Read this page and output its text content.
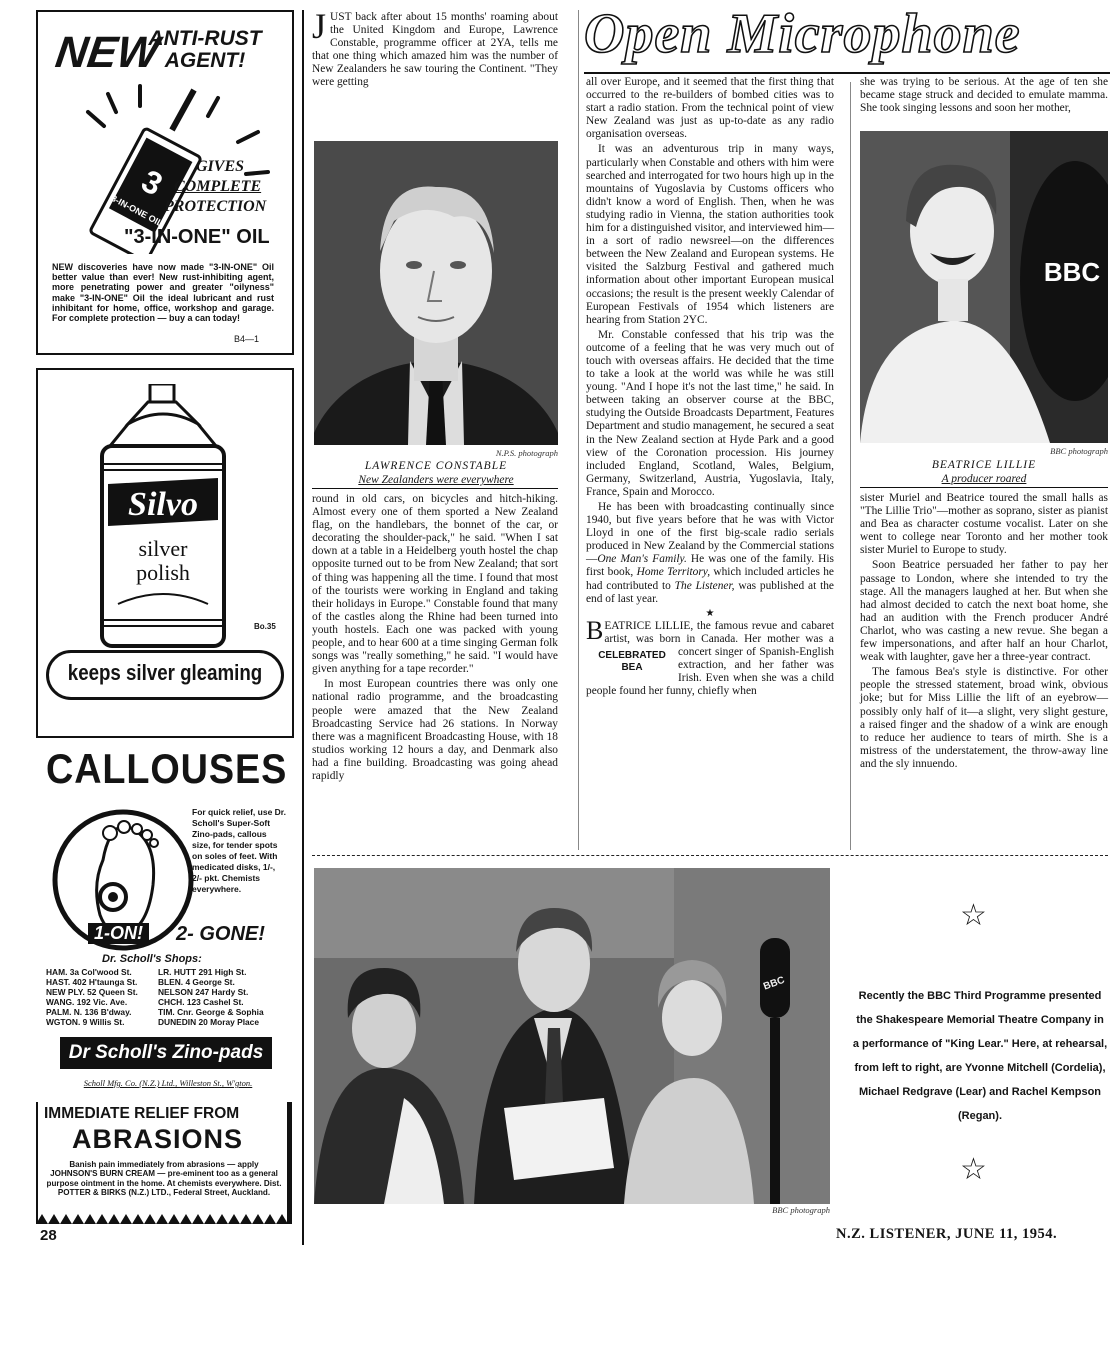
NEW
ANTI-RUST AGENT!
3
3-IN-ONE OIL
GIVES
COMPLETE
PROTECTION
"3-IN-ONE" OIL
NEW discoveries have now made "3-IN-ONE" Oil better value than ever! New rust-inhibiting agent, more penetrating power and greater "oilyness" make "3-IN-ONE" Oil the ideal lubricant and rust inhibitant for home, office, workshop and garage. For complete protection — buy a can today!
B4—1
Silvo
silver
polish
Bo.35
keeps silver gleaming
CALLOUSES
For quick relief, use Dr. Scholl's Super-Soft Zino-pads, callous size, for tender spots on soles of feet. With medicated disks, 1/-, 2/- pkt. Chemists everywhere.
1-ON!	2- GONE!
Dr. Scholl's Shops:
HAM. 3a Col'wood St.	LR. HUTT 291 High St.
HAST. 402 H'taunga St.	BLEN. 4 George St.
NEW PLY. 52 Queen St.	NELSON 247 Hardy St.
WANG. 192 Vic. Ave.	CHCH. 123 Cashel St.
PALM. N. 136 B'dway.	TIM. Cnr. George & Sophia
WGTON. 9 Willis St.	DUNEDIN 20 Moray Place
Dr Scholl's Zino-pads
Scholl Mfg. Co. (N.Z.) Ltd., Willeston St., W'gton.
IMMEDIATE RELIEF FROM
ABRASIONS
Banish pain immediately from abrasions — apply JOHNSON'S BURN CREAM — pre-eminent too as a general purpose ointment in the home. At chemists everywhere. Dist. POTTER & BIRKS (N.Z.) LTD., Federal Street, Auckland.
Open Microphone
J UST back after about 15 months' roaming about the United Kingdom and Europe, Lawrence Constable, programme officer at 2YA, tells me that one thing which amazed him was the number of New Zealanders he saw touring the Continent. "They were getting
N.P.S. photograph
LAWRENCE CONSTABLE
New Zealanders were everywhere

round in old cars, on bicycles and hitch-hiking. Almost every one of them sported a New Zealand flag, on the handlebars, the bonnet of the car, or decorating the shoulder-pack," he said. "When I sat down at a table in a Heidelberg youth hostel the chap opposite turned out to be from New Zealand; that sort of thing was happening all the time. I found that most of the tourists were working in England and taking their holidays in Europe." Constable found that many of the castles along the Rhine had been turned into youth hostels. Each one was packed with young people, and to hear 600 at a time singing German folk songs was "really something," he said. "I would have given anything for a tape recorder."

In most European countries there was only one national radio programme, and the broadcasting people were amazed that the New Zealand Broadcasting Service had 26 stations. In Norway there was a magnificent Broadcasting House, with 18 studios working 12 hours a day, and Denmark also had a fine building. Broadcasting was going ahead rapidly

all over Europe, and it seemed that the first thing that occurred to the re-builders of bombed cities was to start a radio station. From the technical point of view New Zealand was just as up-to-date as any radio organisation overseas.

It was an adventurous trip in many ways, particularly when Constable and others with him were searched and interrogated for two hours high up in the mountains of Yugoslavia by Customs officers who didn't know a word of English. Then, when he was studying radio in Vienna, the station authorities took him for a distinguished visitor, and interviewed him—in a sort of radio newsreel—on the differences between the New Zealand and European systems. He visited the Salzburg Festival and gathered much information about other important European musical occasions; the result is the present weekly Calendar of European Festivals of 1954 which listeners are hearing from Station 2YC.

Mr. Constable confessed that his trip was the outcome of a feeling that he was very much out of touch with overseas affairs. He decided that the time to take a look at the world was while he was still young. "And I hope it's not the last time," he said. In between taking an observer course at the BBC, studying the Outside Broadcasts Department, Features Department and studio management, he secured a seat in the New Zealand section at Hyde Park and a good view of the Coronation procession. His journey included England, Scotland, Wales, Belgium, Germany, Switzerland, Austria, Yugoslavia, Italy, France, Spain and Morocco.

He has been with broadcasting continually since 1940, but five years before that he was with Victor Lloyd in one of the first big-scale radio serials produced in New Zealand by the Commercial stations—One Man's Family. He was one of the family. His first book, Home Territory, which included articles he had contributed to The Listener, was published at the end of last year.

★
B EATRICE LILLIE, the famous revue and cabaret artist, was born in Canada. Her
CELEBRATED
BEA
mother was a concert singer of Spanish-English extraction, and her father was Irish. Even when she was a child people found her funny, chiefly when

she was trying to be serious. At the age of ten she became stage struck and decided to emulate mamma. She took singing lessons and soon her mother,

BBC
BBC photograph
BEATRICE LILLIE
A producer roared

sister Muriel and Beatrice toured the small halls as "The Lillie Trio"—mother as soprano, sister as pianist and Bea as character costume vocalist. Later on she went to college near Toronto and her mother took sister Muriel to Europe to study.

Soon Beatrice persuaded her father to pay her passage to London, where she intended to try the stage. All the managers laughed at her. But when she had almost decided to catch the next boat home, she had an audition with the French producer André Charlot, who was casting a new revue. She began a few impersonations, and after half an hour Charlot, weak with laughter, gave her a three-year contract.

The famous Bea's style is distinctive. For other people the stressed statement, broad wink, obvious joke; but for Miss Lillie the lift of an eyebrow—possibly only half of it—a slight, very slight gesture, a raised finger and the shadow of a wink are enough to reduce her audience to tears of mirth. She is a mistress of the understatement, the throw-away line and the sly innuendo.

BBC
BBC photograph
☆
Recently the BBC Third Programme presented the Shakespeare Memorial Theatre Company in a performance of "King Lear." Here, at rehearsal, from left to right, are Yvonne Mitchell (Cordelia), Michael Redgrave (Lear) and Rachel Kempson (Regan).
☆
28	N.Z. LISTENER, JUNE 11, 1954.
